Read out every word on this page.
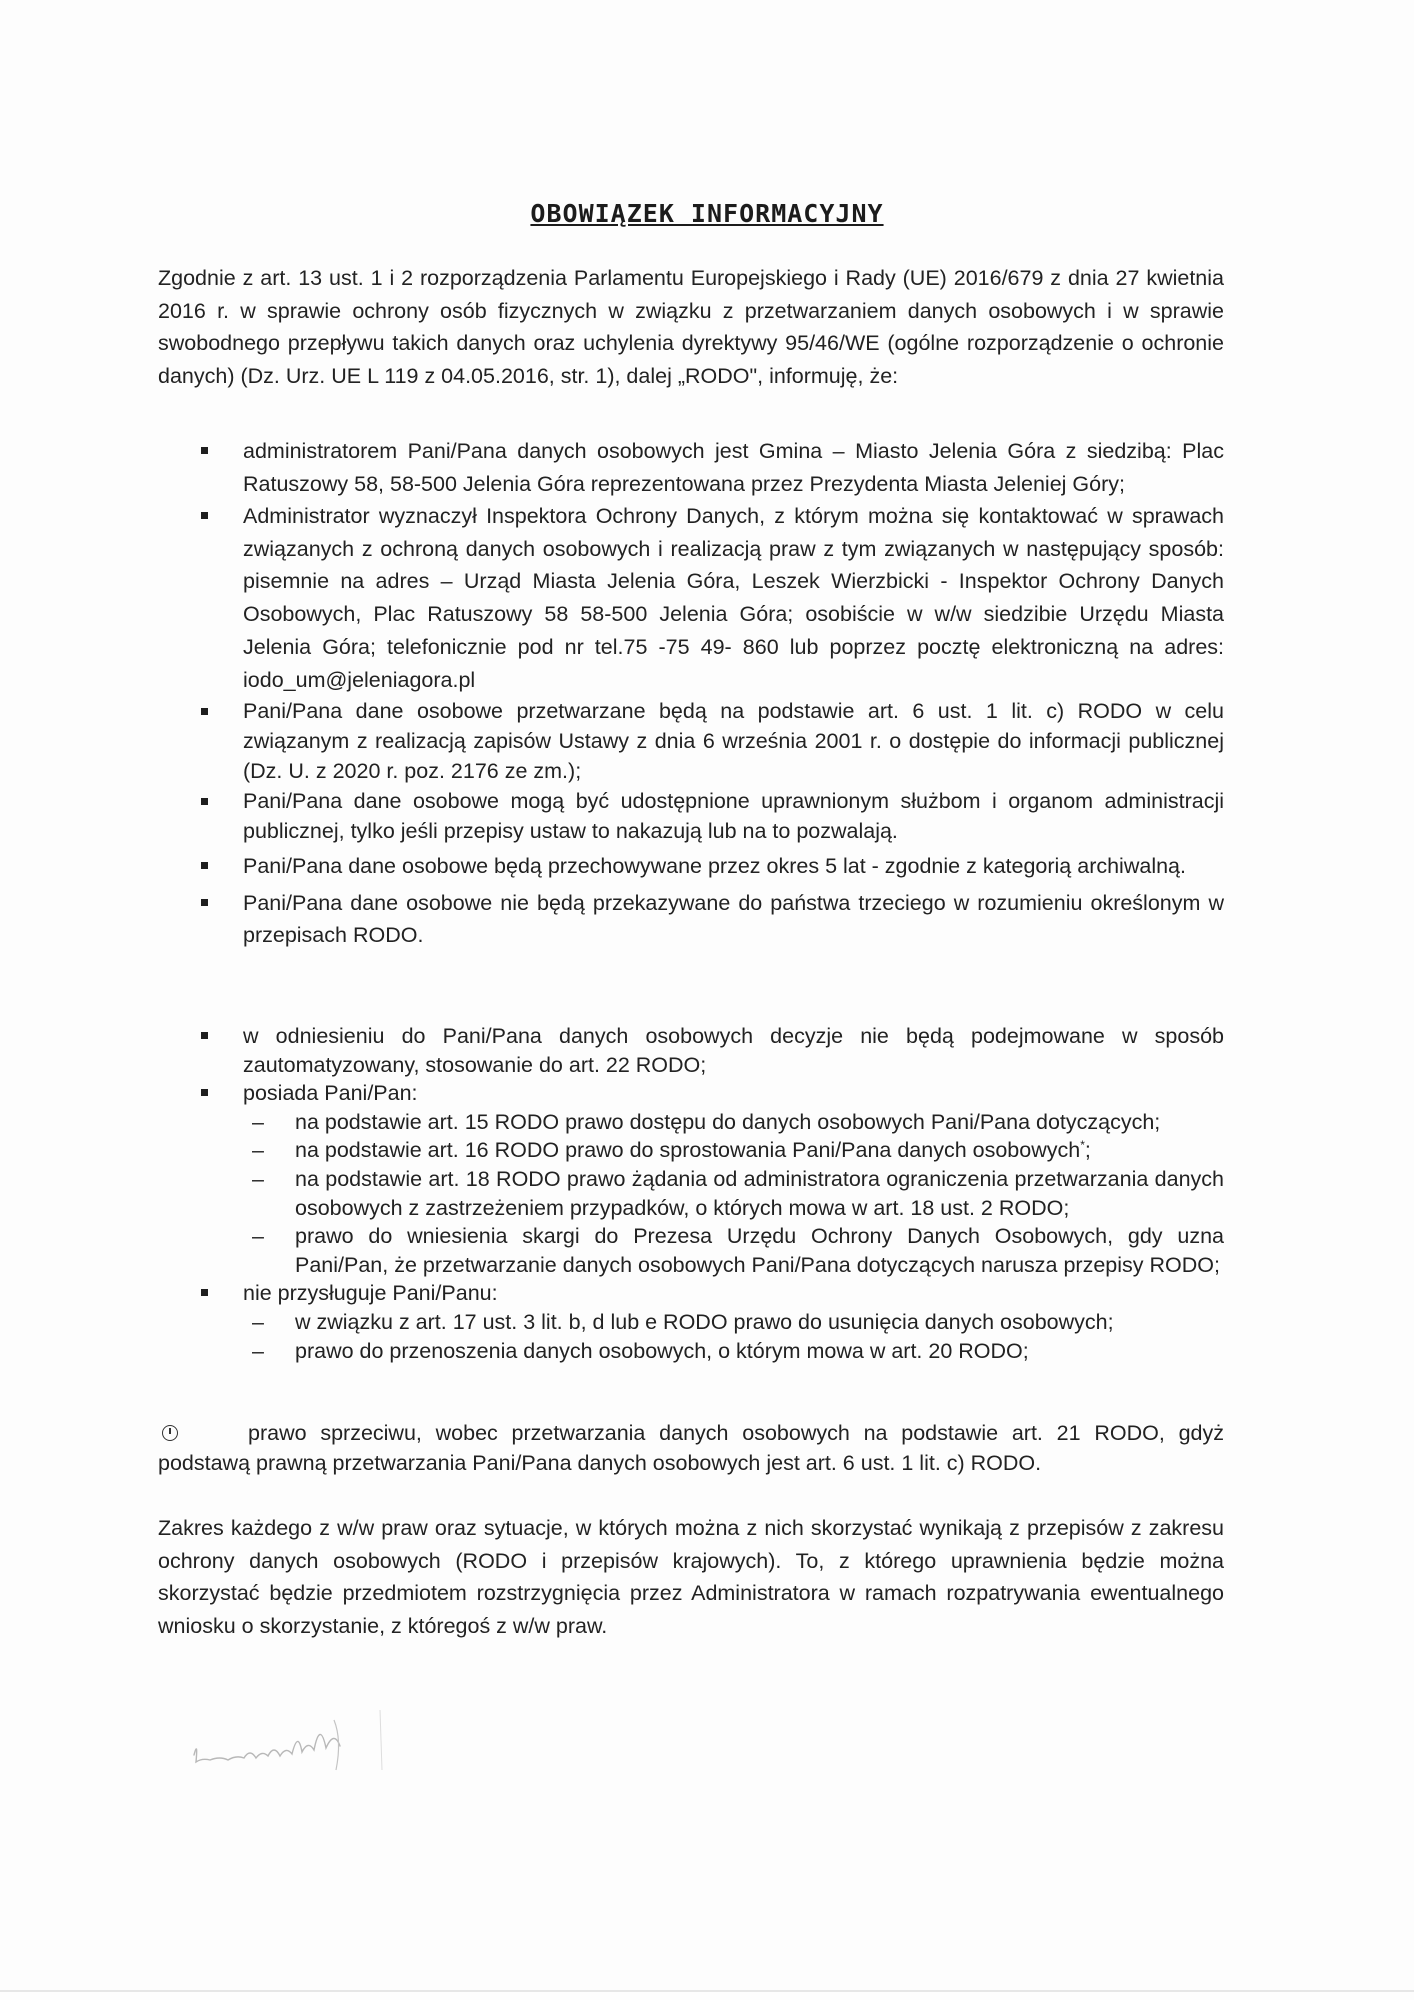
OBOWIĄZEK INFORMACYJNY

Zgodnie z art. 13 ust. 1 i 2 rozporządzenia Parlamentu Europejskiego i Rady (UE) 2016/679 z dnia 27 kwietnia 2016 r. w sprawie ochrony osób fizycznych w związku z przetwarzaniem danych osobowych i w sprawie swobodnego przepływu takich danych oraz uchylenia dyrektywy 95/46/WE (ogólne rozporządzenie o ochronie danych) (Dz. Urz. UE L 119 z 04.05.2016, str. 1), dalej „RODO", informuję, że:

administratorem Pani/Pana danych osobowych jest Gmina – Miasto Jelenia Góra z siedzibą: Plac Ratuszowy 58, 58-500 Jelenia Góra reprezentowana przez Prezydenta Miasta Jeleniej Góry;

Administrator wyznaczył Inspektora Ochrony Danych, z którym można się kontaktować w sprawach związanych z ochroną danych osobowych i realizacją praw z tym związanych w następujący sposób: pisemnie na adres – Urząd Miasta Jelenia Góra, Leszek Wierzbicki - Inspektor Ochrony Danych Osobowych, Plac Ratuszowy 58 58-500 Jelenia Góra; osobiście w w/w siedzibie Urzędu Miasta Jelenia Góra; telefonicznie pod nr tel.75 -75 49- 860 lub poprzez pocztę elektroniczną na adres: iodo_um@jeleniagora.pl

Pani/Pana dane osobowe przetwarzane będą na podstawie art. 6 ust. 1 lit. c) RODO w celu związanym z realizacją zapisów Ustawy z dnia 6 września 2001 r. o dostępie do informacji publicznej (Dz. U. z 2020 r. poz. 2176 ze zm.);

Pani/Pana dane osobowe mogą być udostępnione uprawnionym służbom i organom administracji publicznej, tylko jeśli przepisy ustaw to nakazują lub na to pozwalają.

Pani/Pana dane osobowe będą przechowywane przez okres 5 lat - zgodnie z kategorią archiwalną.

Pani/Pana dane osobowe nie będą przekazywane do państwa trzeciego w rozumieniu określonym w przepisach RODO.

w odniesieniu do Pani/Pana danych osobowych decyzje nie będą podejmowane w sposób zautomatyzowany, stosowanie do art. 22 RODO;

posiada Pani/Pan:

– na podstawie art. 15 RODO prawo dostępu do danych osobowych Pani/Pana dotyczących;

– na podstawie art. 16 RODO prawo do sprostowania Pani/Pana danych osobowych*;

– na podstawie art. 18 RODO prawo żądania od administratora ograniczenia przetwarzania danych osobowych z zastrzeżeniem przypadków, o których mowa w art. 18 ust. 2 RODO;

– prawo do wniesienia skargi do Prezesa Urzędu Ochrony Danych Osobowych, gdy uzna Pani/Pan, że przetwarzanie danych osobowych Pani/Pana dotyczących narusza przepisy RODO;

nie przysługuje Pani/Panu:

– w związku z art. 17 ust. 3 lit. b, d lub e RODO prawo do usunięcia danych osobowych;

– prawo do przenoszenia danych osobowych, o którym mowa w art. 20 RODO;

prawo sprzeciwu, wobec przetwarzania danych osobowych na podstawie art. 21 RODO, gdyż podstawą prawną przetwarzania Pani/Pana danych osobowych jest art. 6 ust. 1 lit. c) RODO.

Zakres każdego z w/w praw oraz sytuacje, w których można z nich skorzystać wynikają z przepisów z zakresu ochrony danych osobowych (RODO i przepisów krajowych). To, z którego uprawnienia będzie można skorzystać będzie przedmiotem rozstrzygnięcia przez Administratora w ramach rozpatrywania ewentualnego wniosku o skorzystanie, z któregoś z w/w praw.
